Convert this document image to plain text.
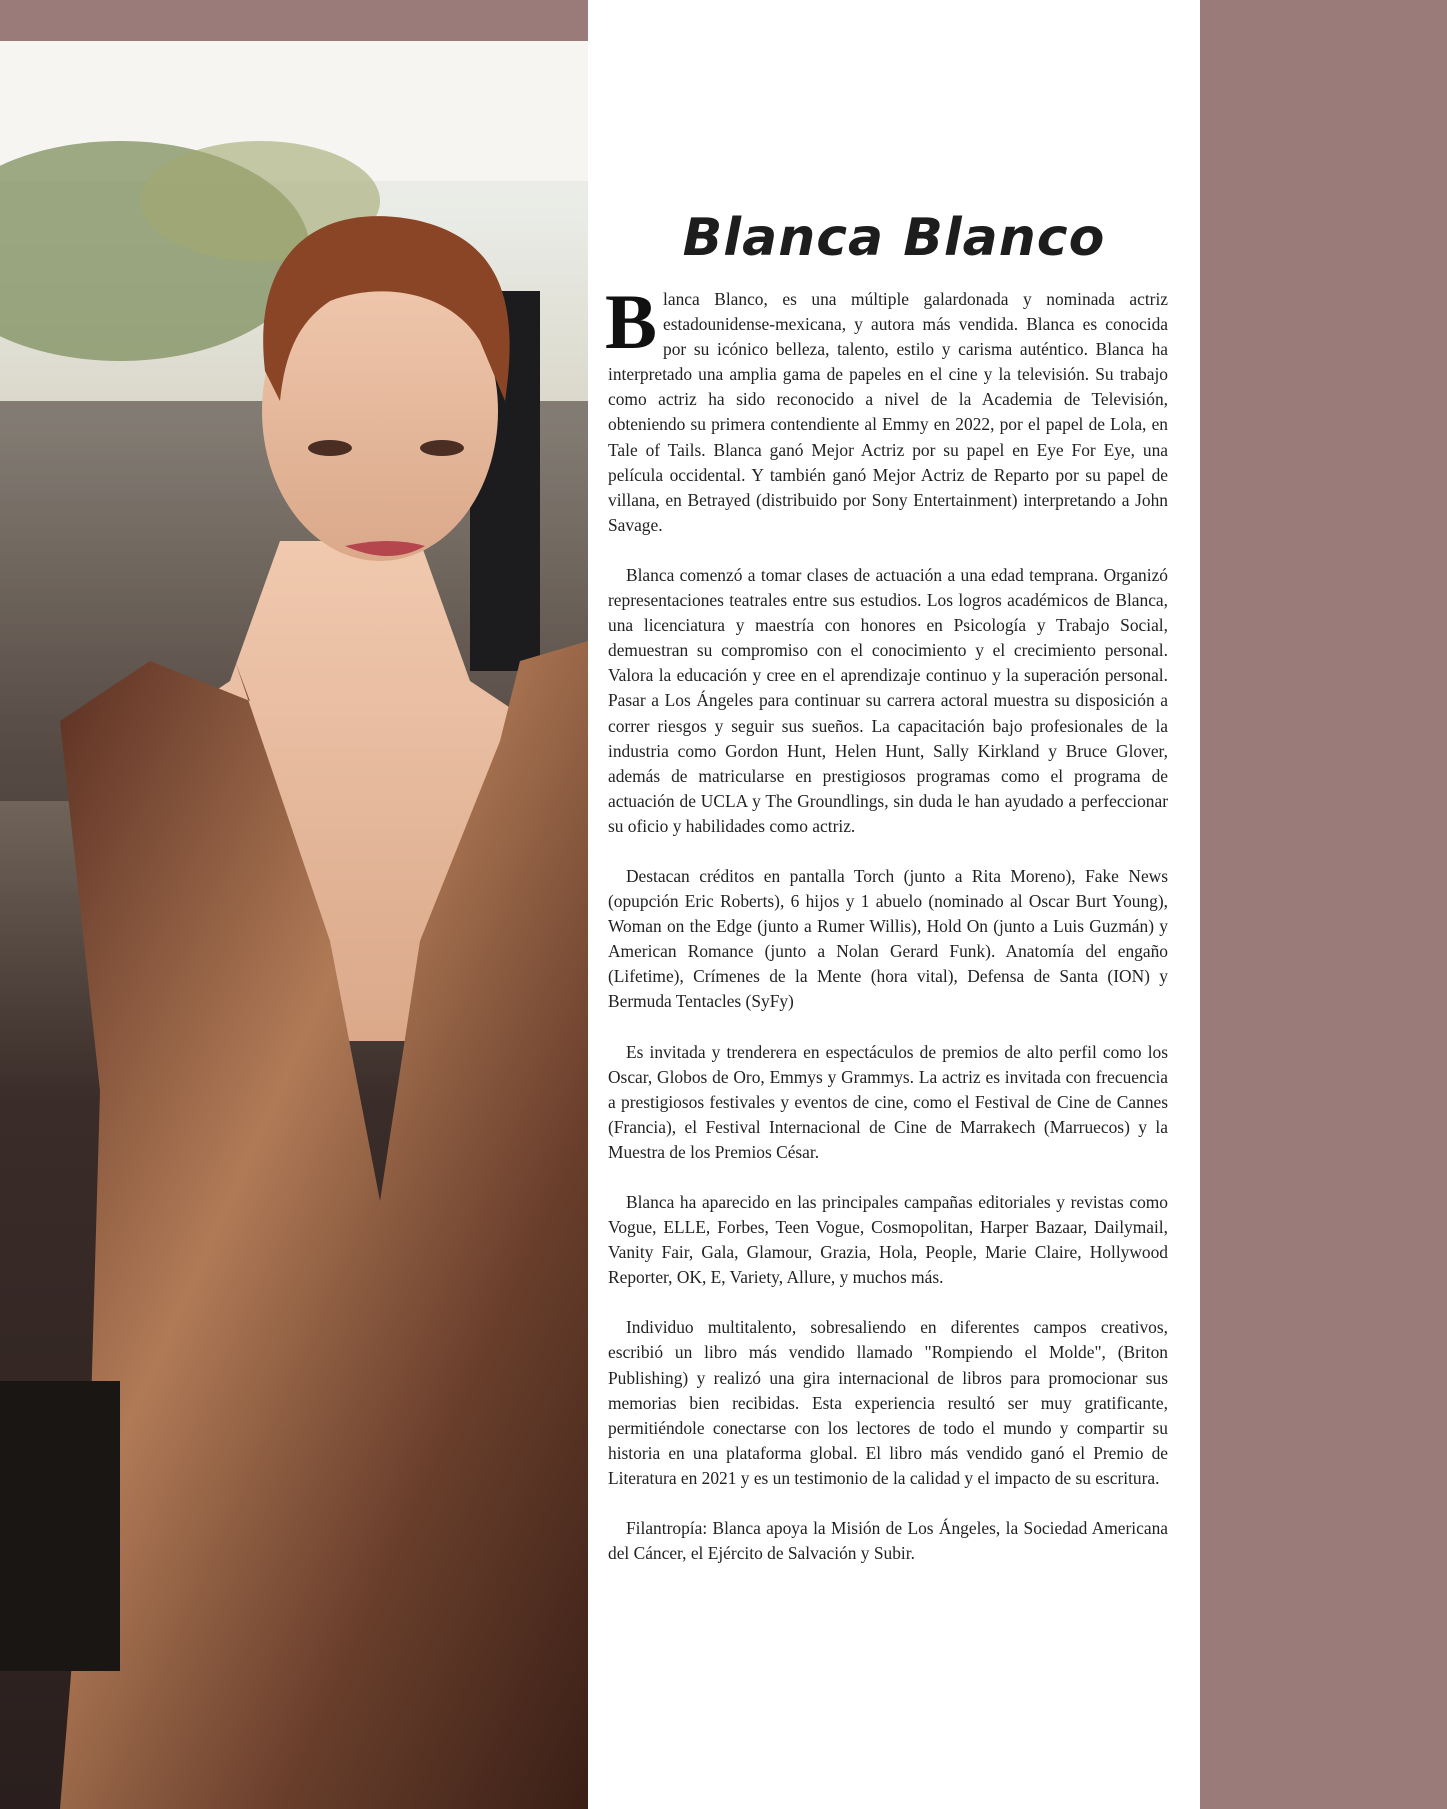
Blanca Blanco

Blanca Blanco, es una múltiple galardonada y nominada actriz estadounidense-mexicana, y autora más vendida. Blanca es conocida por su icónico belleza, talento, estilo y carisma auténtico. Blanca ha interpretado una amplia gama de papeles en el cine y la televisión. Su trabajo como actriz ha sido reconocido a nivel de la Academia de Televisión, obteniendo su primera contendiente al Emmy en 2022, por el papel de Lola, en Tale of Tails. Blanca ganó Mejor Actriz por su papel en Eye For Eye, una película occidental. Y también ganó Mejor Actriz de Reparto por su papel de villana, en Betrayed (distribuido por Sony Entertainment) interpretando a John Savage.

Blanca comenzó a tomar clases de actuación a una edad temprana. Organizó representaciones teatrales entre sus estudios. Los logros académicos de Blanca, una licenciatura y maestría con honores en Psicología y Trabajo Social, demuestran su compromiso con el conocimiento y el crecimiento personal. Valora la educación y cree en el aprendizaje continuo y la superación personal. Pasar a Los Ángeles para continuar su carrera actoral muestra su disposición a correr riesgos y seguir sus sueños. La capacitación bajo profesionales de la industria como Gordon Hunt, Helen Hunt, Sally Kirkland y Bruce Glover, además de matricularse en prestigiosos programas como el programa de actuación de UCLA y The Groundlings, sin duda le han ayudado a perfeccionar su oficio y habilidades como actriz.

Destacan créditos en pantalla Torch (junto a Rita Moreno), Fake News (opupción Eric Roberts), 6 hijos y 1 abuelo (nominado al Oscar Burt Young), Woman on the Edge (junto a Rumer Willis), Hold On (junto a Luis Guzmán) y American Romance (junto a Nolan Gerard Funk). Anatomía del engaño (Lifetime), Crímenes de la Mente (hora vital), Defensa de Santa (ION) y Bermuda Tentacles (SyFy)

Es invitada y trenderera en espectáculos de premios de alto perfil como los Oscar, Globos de Oro, Emmys y Grammys. La actriz es invitada con frecuencia a prestigiosos festivales y eventos de cine, como el Festival de Cine de Cannes (Francia), el Festival Internacional de Cine de Marrakech (Marruecos) y la Muestra de los Premios César.

Blanca ha aparecido en las principales campañas editoriales y revistas como Vogue, ELLE, Forbes, Teen Vogue, Cosmopolitan, Harper Bazaar, Dailymail, Vanity Fair, Gala, Glamour, Grazia, Hola, People, Marie Claire, Hollywood Reporter, OK, E, Variety, Allure, y muchos más.

Individuo multitalento, sobresaliendo en diferentes campos creativos, escribió un libro más vendido llamado "Rompiendo el Molde", (Briton Publishing) y realizó una gira internacional de libros para promocionar sus memorias bien recibidas. Esta experiencia resultó ser muy gratificante, permitiéndole conectarse con los lectores de todo el mundo y compartir su historia en una plataforma global. El libro más vendido ganó el Premio de Literatura en 2021 y es un testimonio de la calidad y el impacto de su escritura.

Filantropía: Blanca apoya la Misión de Los Ángeles, la Sociedad Americana del Cáncer, el Ejército de Salvación y Subir.
